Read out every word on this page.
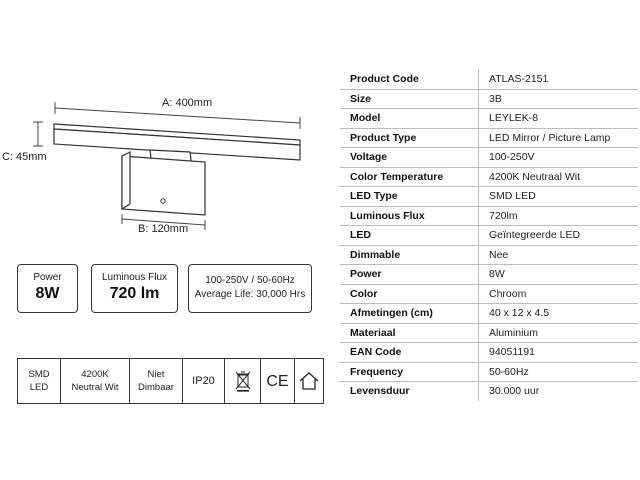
A: 400mm
C: 45mm
B: 120mm
Power
8W
Luminous Flux
720 lm
100-250V / 50-60Hz
Average Life: 30,000 Hrs
SMD
LED
4200K
Neutral Wit
Niet
Dimbaar
IP20	CE
Product Code	ATLAS-2151
Size	3B
Model	LEYLEK-8
Product Type	LED Mirror / Picture Lamp
Voltage	100-250V
Color Temperature	4200K Neutraal Wit
LED Type	SMD LED
Luminous Flux	720lm
LED	Geïntegreerde LED
Dimmable	Nee
Power	8W
Color	Chroom
Afmetingen (cm)	40 x 12 x 4.5
Materiaal	Aluminium
EAN Code	94051191
Frequency	50-60Hz
Levensduur	30.000 uur
